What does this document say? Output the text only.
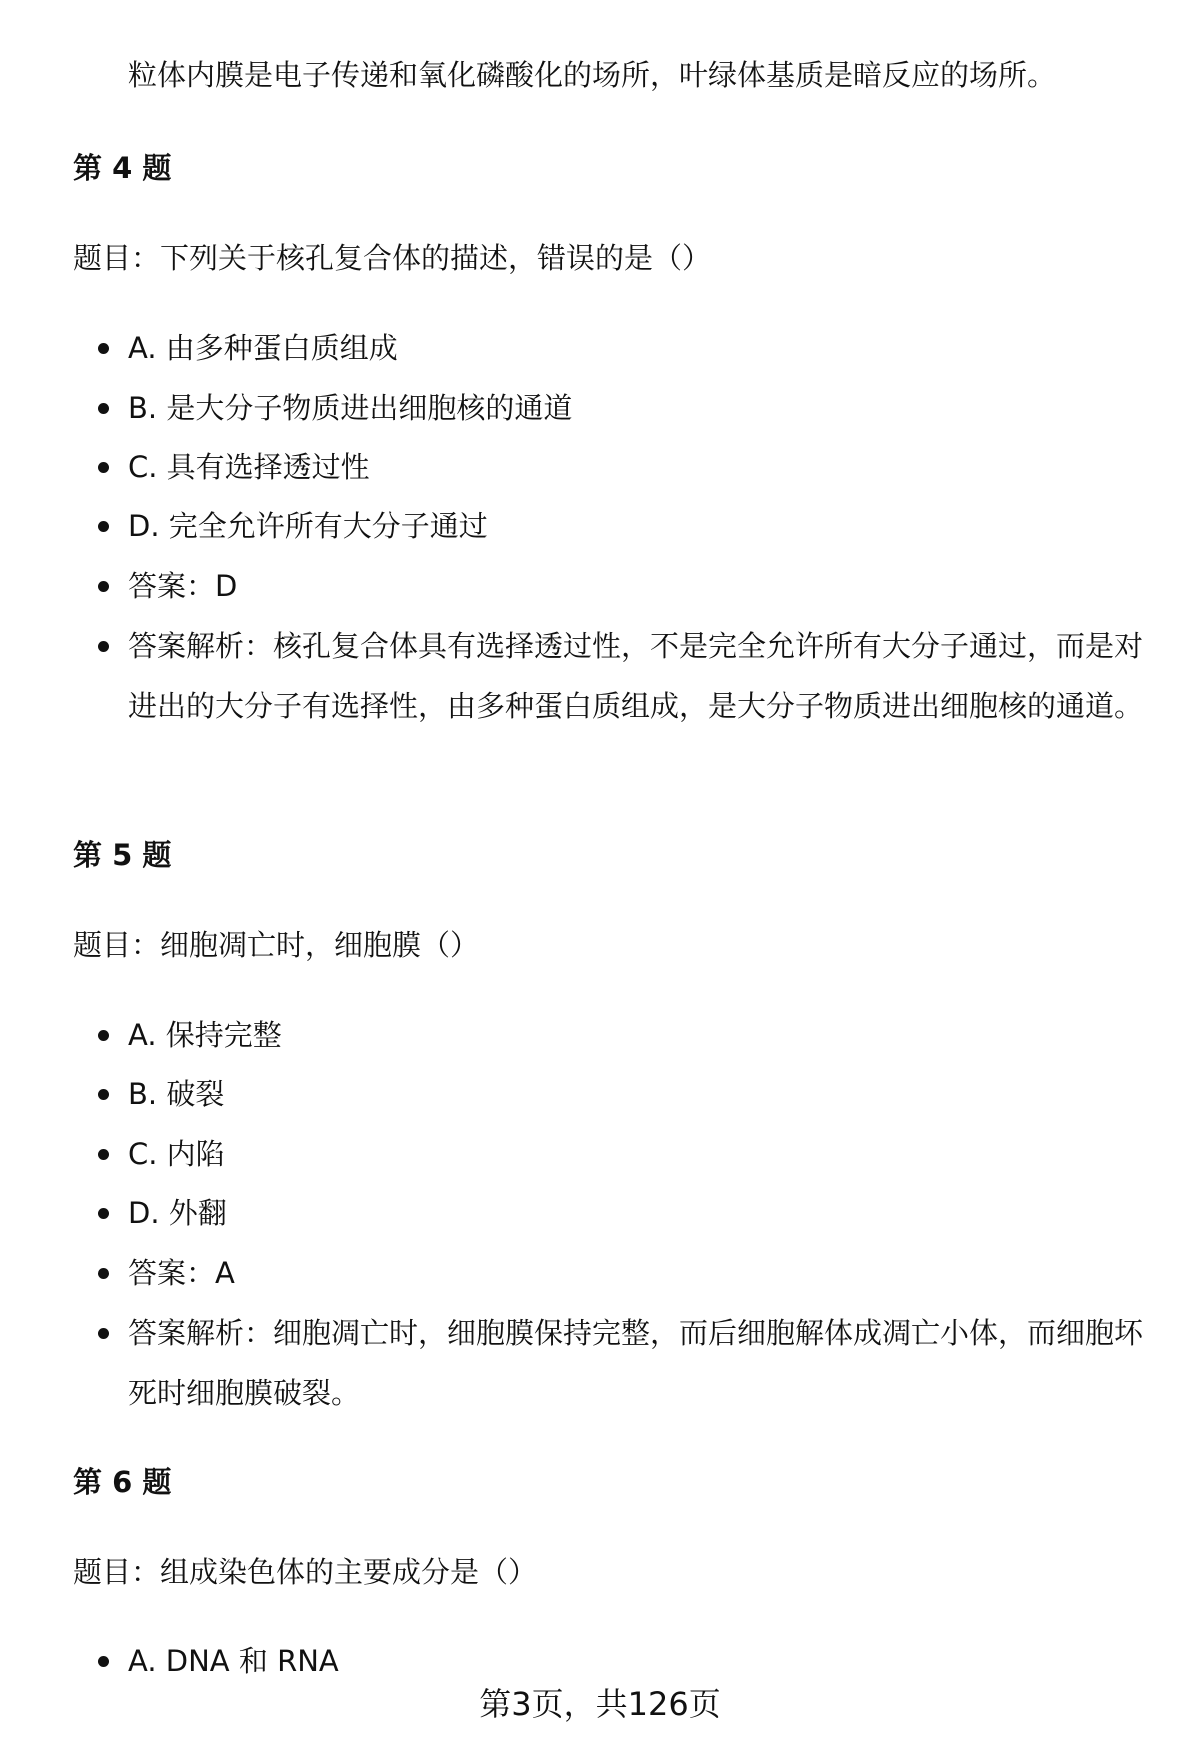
粒体内膜是电子传递和氧化磷酸化的场所，叶绿体基质是暗反应的场所。
第 4 题
题目：下列关于核孔复合体的描述，错误的是（）
A. 由多种蛋白质组成
B. 是大分子物质进出细胞核的通道
C. 具有选择透过性
D. 完全允许所有大分子通过
答案：D
答案解析：核孔复合体具有选择透过性，不是完全允许所有大分子通过，而是对进出的大分子有选择性，由多种蛋白质组成，是大分子物质进出细胞核的通道。
第 5 题
题目：细胞凋亡时，细胞膜（）
A. 保持完整
B. 破裂
C. 内陷
D. 外翻
答案：A
答案解析：细胞凋亡时，细胞膜保持完整，而后细胞解体成凋亡小体，而细胞坏死时细胞膜破裂。
第 6 题
题目：组成染色体的主要成分是（）
A. DNA 和 RNA
第3页，共126页
